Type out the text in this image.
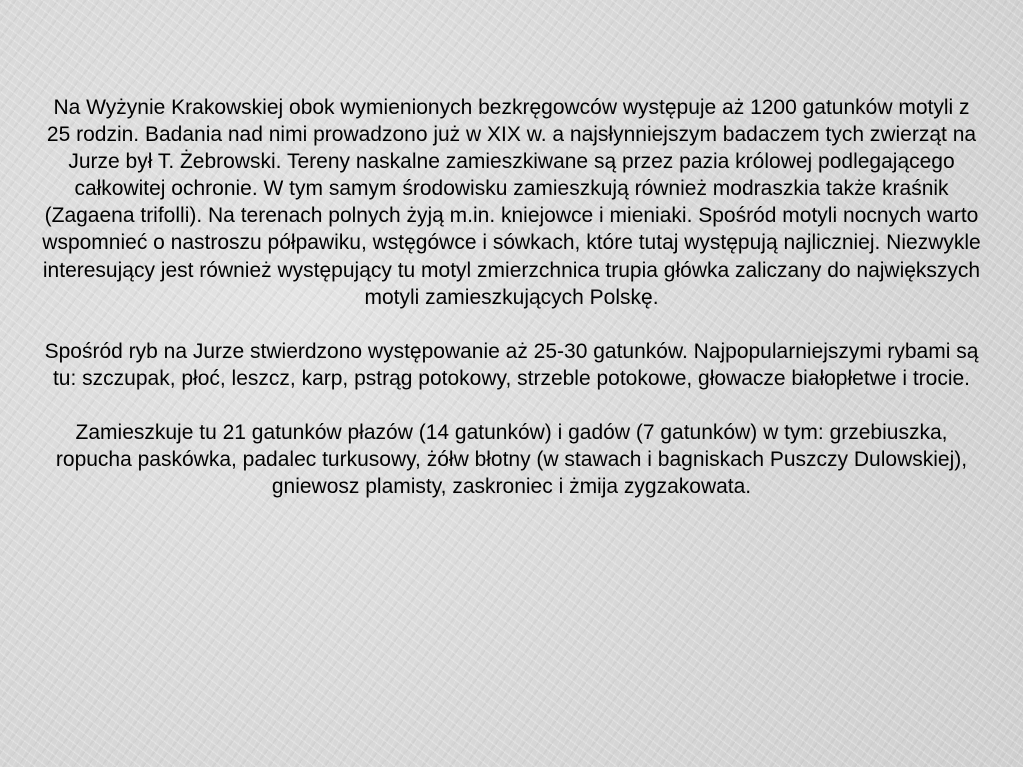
Na Wyżynie Krakowskiej obok wymienionych bezkręgowców występuje aż 1200 gatunków motyli z 25 rodzin. Badania nad nimi prowadzono już w XIX w. a najsłynniejszym badaczem tych zwierząt na Jurze był T. Żebrowski. Tereny naskalne zamieszkiwane są przez pazia królowej podlegającego całkowitej ochronie. W tym samym środowisku zamieszkują również modraszkia także kraśnik (Zagaena trifolli). Na terenach polnych żyją m.in. kniejowce i mieniaki. Spośród motyli nocnych warto wspomnieć o nastroszu półpawiku, wstęgówce i sówkach, które tutaj występują najliczniej. Niezwykle interesujący jest również występujący tu motyl zmierzchnica trupia główka zaliczany do największych motyli zamieszkujących Polskę.

Spośród ryb na Jurze stwierdzono występowanie aż 25-30 gatunków. Najpopularniejszymi rybami są tu: szczupak, płoć, leszcz, karp, pstrąg potokowy, strzeble potokowe, głowacze białopłetwe i trocie.

Zamieszkuje tu 21 gatunków płazów (14 gatunków) i gadów (7 gatunków) w tym: grzebiuszka, ropucha paskówka, padalec turkusowy, żółw błotny (w stawach i bagniskach Puszczy Dulowskiej), gniewosz plamisty, zaskroniec i żmija zygzakowata.
